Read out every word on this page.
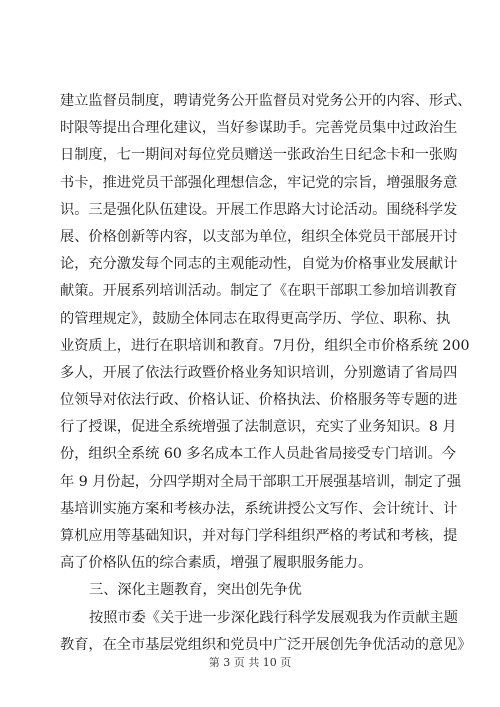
建立监督员制度，聘请党务公开监督员对党务公开的内容、形式、
时限等提出合理化建议，当好参谋助手。完善党员集中过政治生
日制度，七一期间对每位党员赠送一张政治生日纪念卡和一张购
书卡，推进党员干部强化理想信念，牢记党的宗旨，增强服务意
识。三是强化队伍建设。开展工作思路大讨论活动。围绕科学发
展、价格创新等内容，以支部为单位，组织全体党员干部展开讨
论，充分激发每个同志的主观能动性，自觉为价格事业发展献计
献策。开展系列培训活动。制定了《在职干部职工参加培训教育
的管理规定》，鼓励全体同志在取得更高学历、学位、职称、执
业资质上，进行在职培训和教育。7月份，组织全市价格系统 200
多人，开展了依法行政暨价格业务知识培训，分别邀请了省局四
位领导对依法行政、价格认证、价格执法、价格服务等专题的进
行了授课，促进全系统增强了法制意识，充实了业务知识。8 月
份，组织全系统 60 多名成本工作人员赴省局接受专门培训。今
年 9 月份起，分四学期对全局干部职工开展强基培训，制定了强
基培训实施方案和考核办法，系统讲授公文写作、会计统计、计
算机应用等基础知识，并对每门学科组织严格的考试和考核，提
高了价格队伍的综合素质，增强了履职服务能力。
三、深化主题教育，突出创先争优
按照市委《关于进一步深化践行科学发展观我为作贡献主题
教育，在全市基层党组织和党员中广泛开展创先争优活动的意见》
第 3 页 共 10 页
